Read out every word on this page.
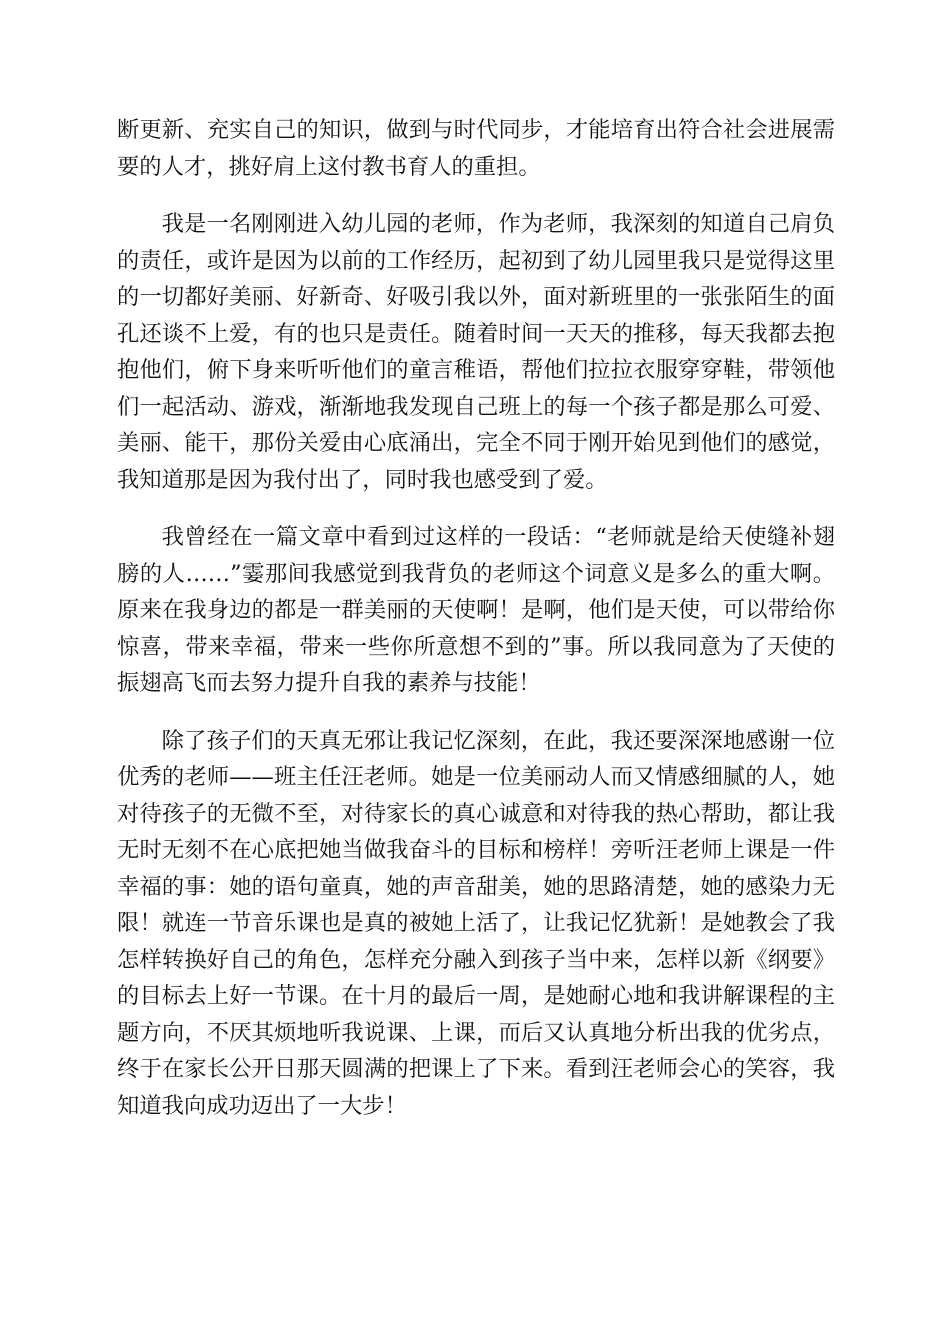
断更新、充实自己的知识，做到与时代同步，才能培育出符合社会进展需要的人才，挑好肩上这付教书育人的重担。

我是一名刚刚进入幼儿园的老师，作为老师，我深刻的知道自己肩负的责任，或许是因为以前的工作经历，起初到了幼儿园里我只是觉得这里的一切都好美丽、好新奇、好吸引我以外，面对新班里的一张张陌生的面孔还谈不上爱，有的也只是责任。随着时间一天天的推移，每天我都去抱抱他们，俯下身来听听他们的童言稚语，帮他们拉拉衣服穿穿鞋，带领他们一起活动、游戏，渐渐地我发现自己班上的每一个孩子都是那么可爱、美丽、能干，那份关爱由心底涌出，完全不同于刚开始见到他们的感觉，我知道那是因为我付出了，同时我也感受到了爱。

我曾经在一篇文章中看到过这样的一段话：“老师就是给天使缝补翅膀的人……”霎那间我感觉到我背负的老师这个词意义是多么的重大啊。原来在我身边的都是一群美丽的天使啊！是啊，他们是天使，可以带给你惊喜，带来幸福，带来一些你所意想不到的”事。所以我同意为了天使的振翅高飞而去努力提升自我的素养与技能！

除了孩子们的天真无邪让我记忆深刻，在此，我还要深深地感谢一位优秀的老师——班主任汪老师。她是一位美丽动人而又情感细腻的人，她对待孩子的无微不至，对待家长的真心诚意和对待我的热心帮助，都让我无时无刻不在心底把她当做我奋斗的目标和榜样！旁听汪老师上课是一件幸福的事：她的语句童真，她的声音甜美，她的思路清楚，她的感染力无限！就连一节音乐课也是真的被她上活了，让我记忆犹新！是她教会了我怎样转换好自己的角色，怎样充分融入到孩子当中来，怎样以新《纲要》的目标去上好一节课。在十月的最后一周，是她耐心地和我讲解课程的主题方向，不厌其烦地听我说课、上课，而后又认真地分析出我的优劣点，终于在家长公开日那天圆满的把课上了下来。看到汪老师会心的笑容，我知道我向成功迈出了一大步！
